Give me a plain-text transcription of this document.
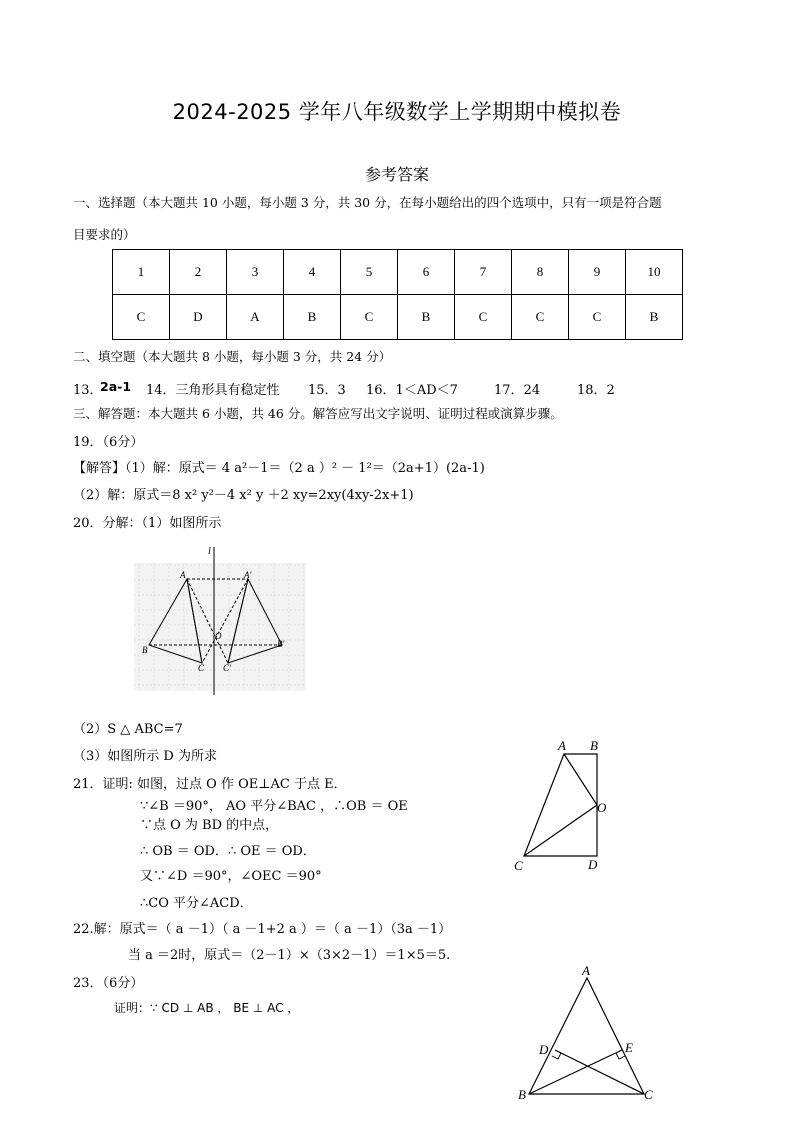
2024-2025 学年八年级数学上学期期中模拟卷
参考答案
一、选择题（本大题共 10 小题，每小题 3 分，共 30 分，在每小题给出的四个选项中，只有一项是符合题
目要求的）
1	2	3	4	5	6	7	8	9	10
C	D	A	B	C	B	C	C	C	B
二、填空题（本大题共 8 小题，每小题 3 分，共 24 分）
13．
2a-1 14．三角形具有稳定性 15．3 16．1＜AD＜7	17．24	18．2
三、解答题：本大题共 6 小题，共 46 分。解答应写出文字说明、证明过程或演算步骤。
19．（6分）
【解答】（1）解：原式＝ 4 a²－1＝（2 a ）² － 1²＝（2a+1）(2a-1)
（2）解：原式＝8 x² y²－4 x² y ＋2 xy=2xy(4xy-2x+1)
20．分解：（1）如图所示
l
A	A'
B
B'
C C'
O
（2）S △ ABC=7
（3）如图所示 D 为所求
21．证明: 如图，过点 O 作 OE⊥AC 于点 E．
∵∠B ＝90°， AO 平分∠BAC ，∴OB ＝ OE
∵点 O 为 BD 的中点，
∴ OB ＝ OD．∴ OE ＝ OD．
又∵∠D ＝90°，∠OEC ＝90°
∴CO 平分∠ACD．
A B
O
C	D
22.解：原式＝（ a －1）（ a －1+2 a ）＝（ a －1）（3a －1）
当 a ＝2时，原式＝（2－1）×（3×2－1）＝1×5＝5.
23．（6分）
证明：∵ CD ⊥ AB ， BE ⊥ AC ，
A
D	E
B	C
